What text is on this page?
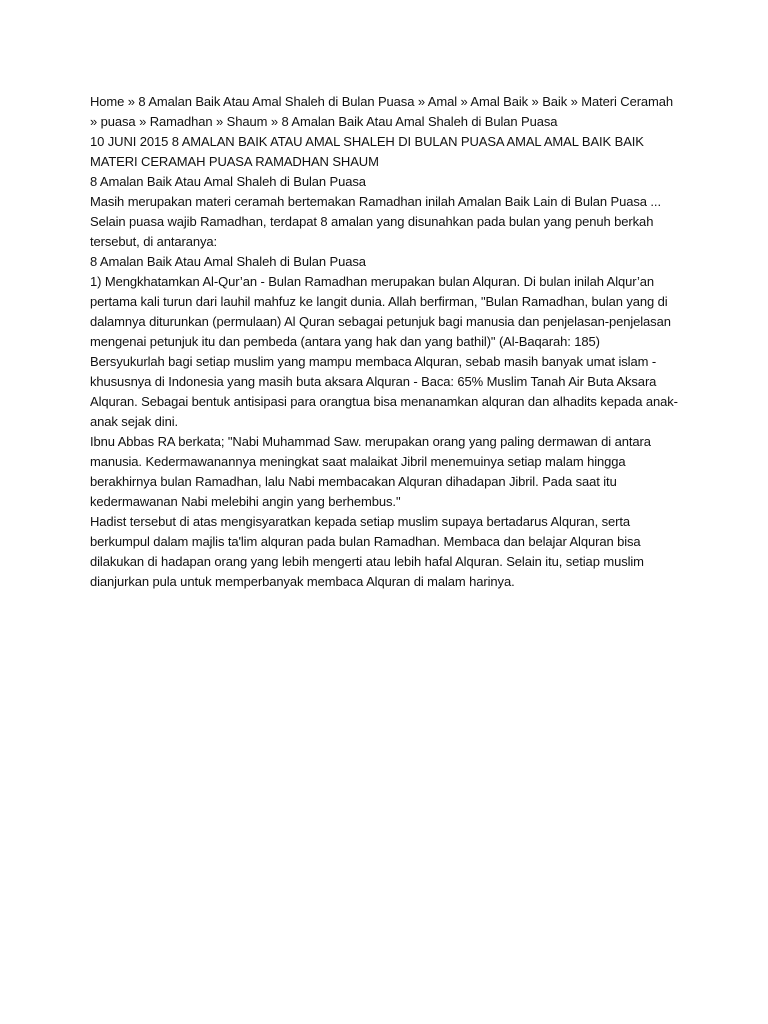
Home » 8 Amalan Baik Atau Amal Shaleh di Bulan Puasa » Amal » Amal Baik » Baik » Materi Ceramah » puasa » Ramadhan » Shaum » 8 Amalan Baik Atau Amal Shaleh di Bulan Puasa

10 JUNI 2015 8 AMALAN BAIK ATAU AMAL SHALEH DI BULAN PUASA AMAL AMAL BAIK BAIK MATERI CERAMAH PUASA RAMADHAN SHAUM

8 Amalan Baik Atau Amal Shaleh di Bulan Puasa

Masih merupakan materi ceramah bertemakan Ramadhan inilah Amalan Baik Lain di Bulan Puasa ...

Selain puasa wajib Ramadhan, terdapat 8 amalan yang disunahkan pada bulan yang penuh berkah tersebut, di antaranya:

8 Amalan Baik Atau Amal Shaleh di Bulan Puasa

1) Mengkhatamkan Al-Qur’an - Bulan Ramadhan merupakan bulan Alquran. Di bulan inilah Alqur’an pertama kali turun dari lauhil mahfuz ke langit dunia. Allah berfirman, "Bulan Ramadhan, bulan yang di dalamnya diturunkan (permulaan) Al Quran sebagai petunjuk bagi manusia dan penjelasan-penjelasan mengenai petunjuk itu dan pembeda (antara yang hak dan yang bathil)" (Al-Baqarah: 185)

Bersyukurlah bagi setiap muslim yang mampu membaca Alquran, sebab masih banyak umat islam - khususnya di Indonesia yang masih buta aksara Alquran - Baca: 65% Muslim Tanah Air Buta Aksara Alquran. Sebagai bentuk antisipasi para orangtua bisa menanamkan alquran dan alhadits kepada anak-anak sejak dini.

Ibnu Abbas RA berkata; "Nabi Muhammad Saw. merupakan orang yang paling dermawan di antara manusia. Kedermawanannya meningkat saat malaikat Jibril menemuinya setiap malam hingga berakhirnya bulan Ramadhan, lalu Nabi membacakan Alquran dihadapan Jibril. Pada saat itu kedermawanan Nabi melebihi angin yang berhembus."

Hadist tersebut di atas mengisyaratkan kepada setiap muslim supaya bertadarus Alquran, serta berkumpul dalam majlis ta'lim alquran pada bulan Ramadhan. Membaca dan belajar Alquran bisa dilakukan di hadapan orang yang lebih mengerti atau lebih hafal Alquran. Selain itu, setiap muslim dianjurkan pula untuk memperbanyak membaca Alquran di malam harinya.
